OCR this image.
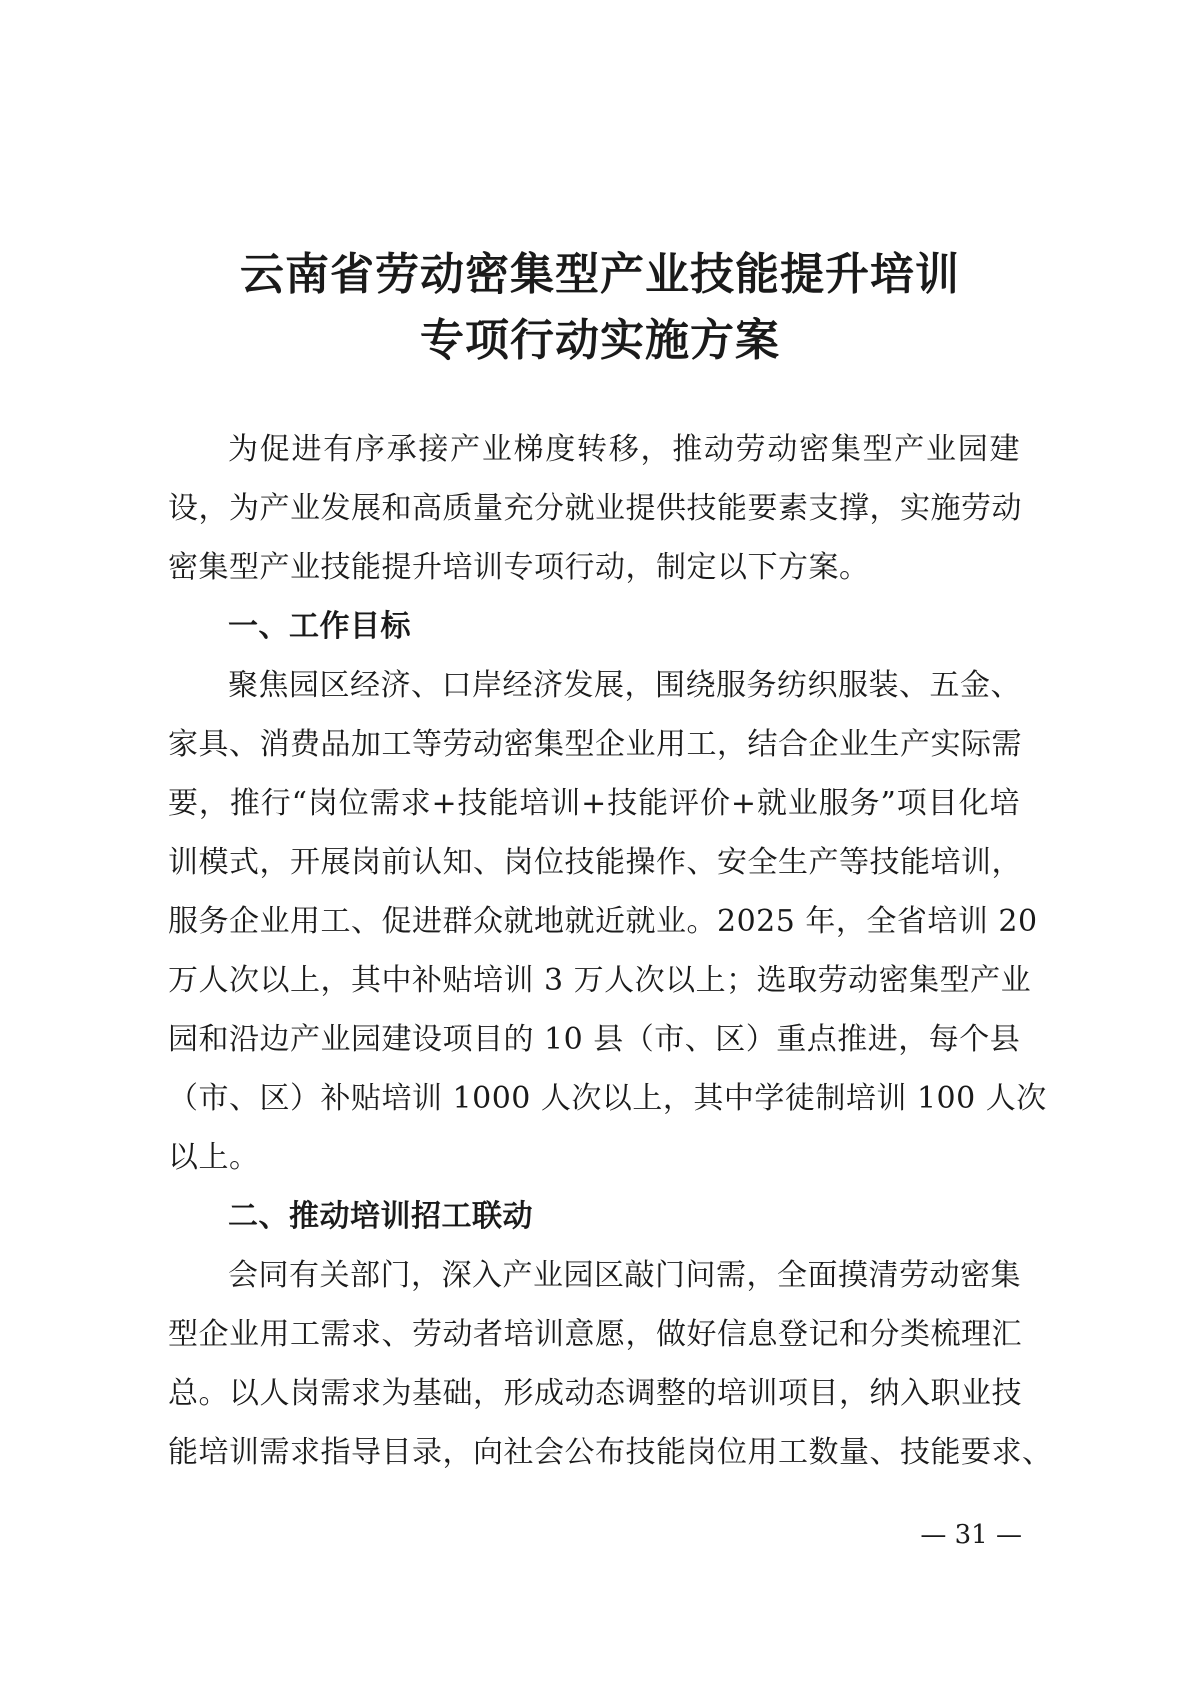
云南省劳动密集型产业技能提升培训
专项行动实施方案
为促进有序承接产业梯度转移，推动劳动密集型产业园建
设，为产业发展和高质量充分就业提供技能要素支撑，实施劳动
密集型产业技能提升培训专项行动，制定以下方案。
一、工作目标
聚焦园区经济、口岸经济发展，围绕服务纺织服装、五金、
家具、消费品加工等劳动密集型企业用工，结合企业生产实际需
要，推行“岗位需求+技能培训+技能评价+就业服务”项目化培
训模式，开展岗前认知、岗位技能操作、安全生产等技能培训，
服务企业用工、促进群众就地就近就业。2025 年，全省培训 20
万人次以上，其中补贴培训 3 万人次以上；选取劳动密集型产业
园和沿边产业园建设项目的 10 县（市、区）重点推进，每个县
（市、区）补贴培训 1000 人次以上，其中学徒制培训 100 人次
以上。
二、推动培训招工联动
会同有关部门，深入产业园区敲门问需，全面摸清劳动密集
型企业用工需求、劳动者培训意愿，做好信息登记和分类梳理汇
总。以人岗需求为基础，形成动态调整的培训项目，纳入职业技
能培训需求指导目录，向社会公布技能岗位用工数量、技能要求、
— 31 —
